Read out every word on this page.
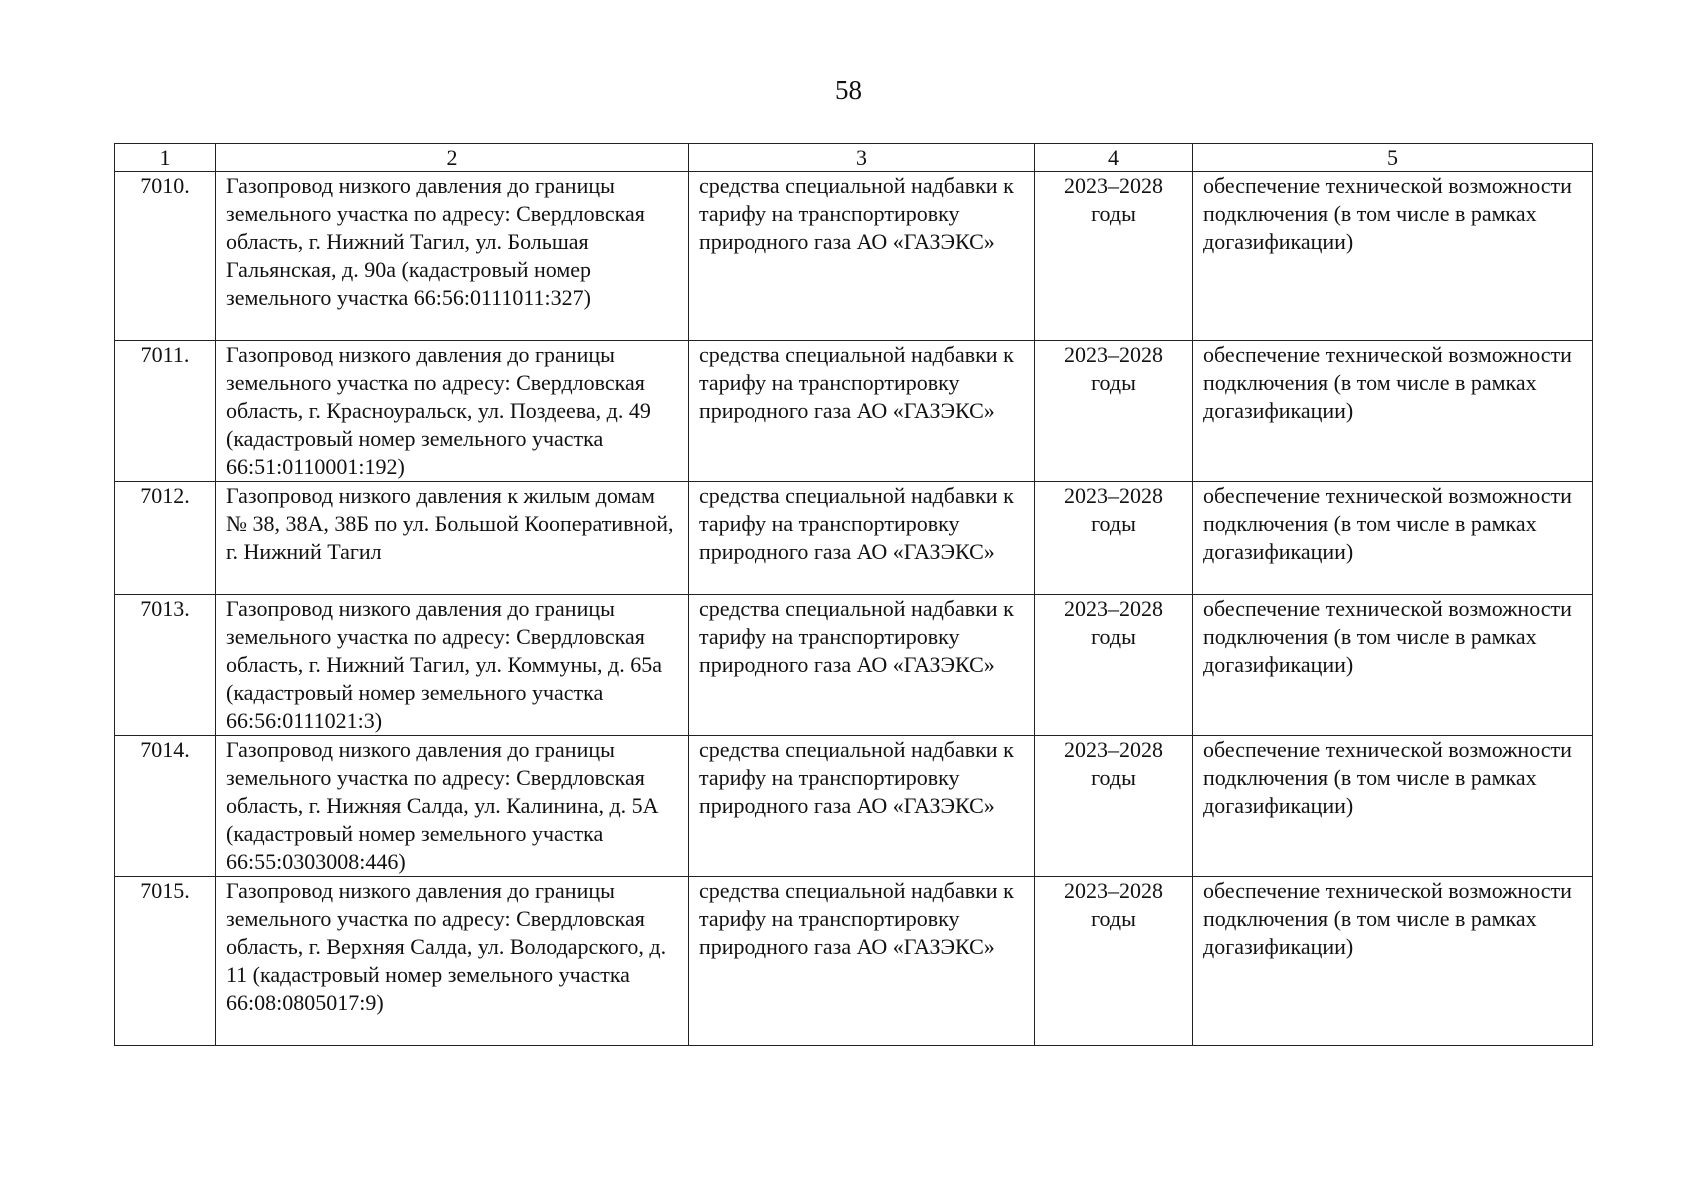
58
1	2	3	4	5
7010.	Газопровод низкого давления до границы земельного участка по адресу: Свердловская область, г. Нижний Тагил, ул. Большая Гальянская, д. 90а (кадастровый номер земельного участка 66:56:0111011:327)	средства специальной надбавки к тарифу на транспортировку природного газа АО «ГАЗЭКС»	2023–2028 годы	обеспечение технической возможности подключения (в том числе в рамках догазификации)
7011.	Газопровод низкого давления до границы земельного участка по адресу: Свердловская область, г. Красноуральск, ул. Поздеева, д. 49 (кадастровый номер земельного участка 66:51:0110001:192)	средства специальной надбавки к тарифу на транспортировку природного газа АО «ГАЗЭКС»	2023–2028 годы	обеспечение технической возможности подключения (в том числе в рамках догазификации)
7012.	Газопровод низкого давления к жилым домам № 38, 38А, 38Б по ул. Большой Кооперативной, г. Нижний Тагил	средства специальной надбавки к тарифу на транспортировку природного газа АО «ГАЗЭКС»	2023–2028 годы	обеспечение технической возможности подключения (в том числе в рамках догазификации)
7013.	Газопровод низкого давления до границы земельного участка по адресу: Свердловская область, г. Нижний Тагил, ул. Коммуны, д. 65а (кадастровый номер земельного участка 66:56:0111021:3)	средства специальной надбавки к тарифу на транспортировку природного газа АО «ГАЗЭКС»	2023–2028 годы	обеспечение технической возможности подключения (в том числе в рамках догазификации)
7014.	Газопровод низкого давления до границы земельного участка по адресу: Свердловская область, г. Нижняя Салда, ул. Калинина, д. 5А (кадастровый номер земельного участка 66:55:0303008:446)	средства специальной надбавки к тарифу на транспортировку природного газа АО «ГАЗЭКС»	2023–2028 годы	обеспечение технической возможности подключения (в том числе в рамках догазификации)
7015.	Газопровод низкого давления до границы земельного участка по адресу: Свердловская область, г. Верхняя Салда, ул. Володарского, д. 11 (кадастровый номер земельного участка 66:08:0805017:9)	средства специальной надбавки к тарифу на транспортировку природного газа АО «ГАЗЭКС»	2023–2028 годы	обеспечение технической возможности подключения (в том числе в рамках догазификации)
